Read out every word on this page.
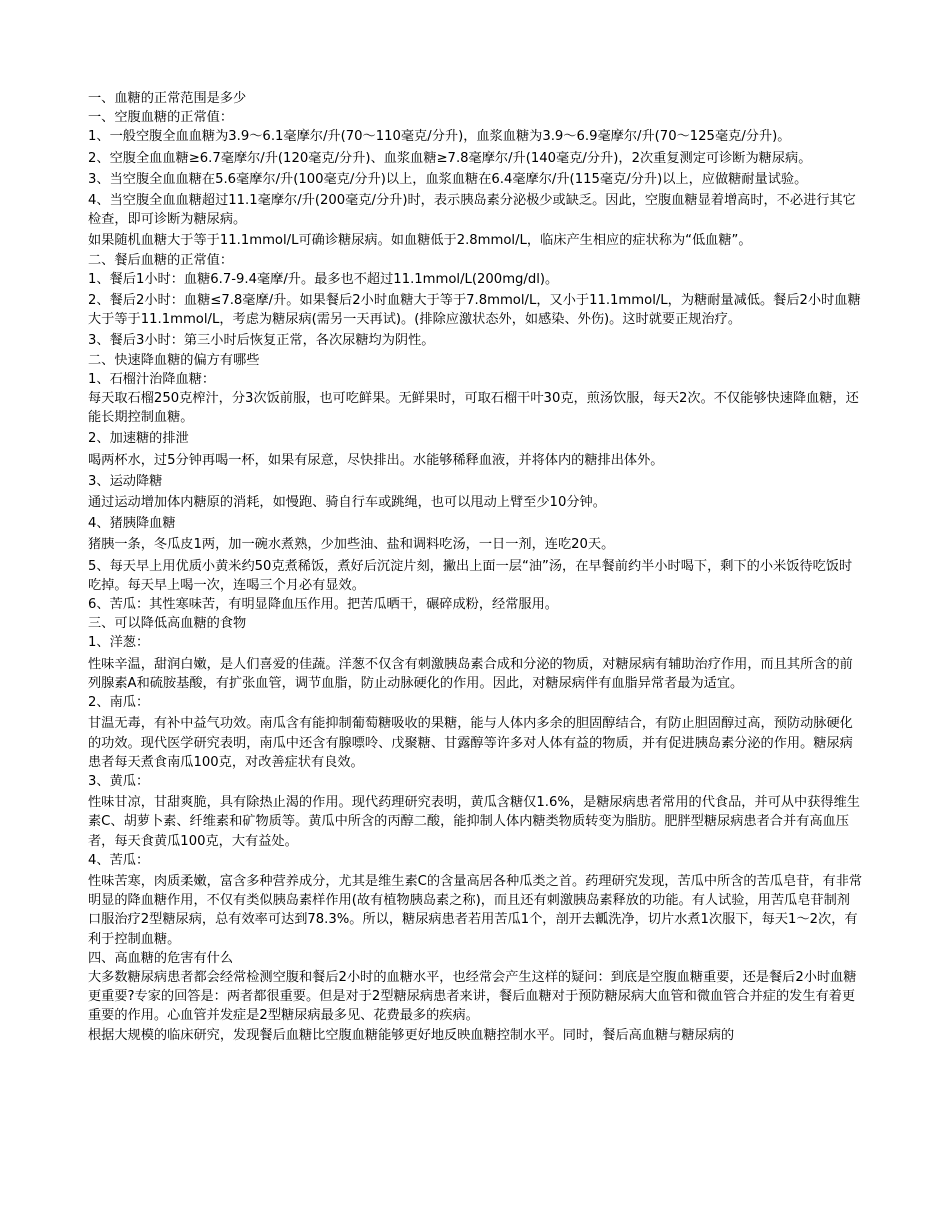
一、血糖的正常范围是多少

一、空腹血糖的正常值：

1、一般空腹全血血糖为3.9～6.1毫摩尔/升(70～110毫克/分升)，血浆血糖为3.9～6.9毫摩尔/升(70～125毫克/分升)。

2、空腹全血血糖≥6.7毫摩尔/升(120毫克/分升)、血浆血糖≥7.8毫摩尔/升(140毫克/分升)，2次重复测定可诊断为糖尿病。

3、当空腹全血血糖在5.6毫摩尔/升(100毫克/分升)以上，血浆血糖在6.4毫摩尔/升(115毫克/分升)以上，应做糖耐量试验。

4、当空腹全血血糖超过11.1毫摩尔/升(200毫克/分升)时，表示胰岛素分泌极少或缺乏。因此，空腹血糖显着增高时，不必进行其它检查，即可诊断为糖尿病。

如果随机血糖大于等于11.1mmol/L可确诊糖尿病。如血糖低于2.8mmol/L，临床产生相应的症状称为“低血糖”。

二、餐后血糖的正常值：

1、餐后1小时：血糖6.7-9.4毫摩/升。最多也不超过11.1mmol/L(200mg/dl)。

2、餐后2小时：血糖≤7.8毫摩/升。如果餐后2小时血糖大于等于7.8mmol/L，又小于11.1mmol/L，为糖耐量减低。餐后2小时血糖大于等于11.1mmol/L，考虑为糖尿病(需另一天再试)。(排除应激状态外，如感染、外伤)。这时就要正规治疗。

3、餐后3小时：第三小时后恢复正常，各次尿糖均为阴性。

二、快速降血糖的偏方有哪些

1、石榴汁治降血糖：

每天取石榴250克榨汁，分3次饭前服，也可吃鲜果。无鲜果时，可取石榴干叶30克，煎汤饮服，每天2次。不仅能够快速降血糖，还能长期控制血糖。

2、加速糖的排泄

喝两杯水，过5分钟再喝一杯，如果有尿意，尽快排出。水能够稀释血液，并将体内的糖排出体外。

3、运动降糖

通过运动增加体内糖原的消耗，如慢跑、骑自行车或跳绳，也可以甩动上臂至少10分钟。

4、猪胰降血糖

猪胰一条，冬瓜皮1两，加一碗水煮熟，少加些油、盐和调料吃汤，一日一剂，连吃20天。

5、每天早上用优质小黄米约50克煮稀饭，煮好后沉淀片刻，撇出上面一层“油”汤，在早餐前约半小时喝下，剩下的小米饭待吃饭时吃掉。每天早上喝一次，连喝三个月必有显效。

6、苦瓜：其性寒味苦，有明显降血压作用。把苦瓜晒干，碾碎成粉，经常服用。

三、可以降低高血糖的食物

1、洋葱：

性味辛温，甜润白嫩，是人们喜爱的佳蔬。洋葱不仅含有刺激胰岛素合成和分泌的物质，对糖尿病有辅助治疗作用，而且其所含的前列腺素A和硫胺基酸，有扩张血管，调节血脂，防止动脉硬化的作用。因此，对糖尿病伴有血脂异常者最为适宜。

2、南瓜：

甘温无毒，有补中益气功效。南瓜含有能抑制葡萄糖吸收的果糖，能与人体内多余的胆固醇结合，有防止胆固醇过高，预防动脉硬化的功效。现代医学研究表明，南瓜中还含有腺嘌呤、戊聚糖、甘露醇等许多对人体有益的物质，并有促进胰岛素分泌的作用。糖尿病患者每天煮食南瓜100克，对改善症状有良效。

3、黄瓜：

性味甘凉，甘甜爽脆，具有除热止渴的作用。现代药理研究表明，黄瓜含糖仅1.6%，是糖尿病患者常用的代食品，并可从中获得维生素C、胡萝卜素、纤维素和矿物质等。黄瓜中所含的丙醇二酸，能抑制人体内糖类物质转变为脂肪。肥胖型糖尿病患者合并有高血压者，每天食黄瓜100克，大有益处。

4、苦瓜：

性味苦寒，肉质柔嫩，富含多种营养成分，尤其是维生素C的含量高居各种瓜类之首。药理研究发现，苦瓜中所含的苦瓜皂苷，有非常明显的降血糖作用，不仅有类似胰岛素样作用(故有植物胰岛素之称)，而且还有刺激胰岛素释放的功能。有人试验，用苦瓜皂苷制剂口服治疗2型糖尿病，总有效率可达到78.3%。所以，糖尿病患者若用苦瓜1个，剖开去瓤洗净，切片水煮1次服下，每天1～2次，有利于控制血糖。

四、高血糖的危害有什么

大多数糖尿病患者都会经常检测空腹和餐后2小时的血糖水平，也经常会产生这样的疑问：到底是空腹血糖重要，还是餐后2小时血糖更重要?专家的回答是：两者都很重要。但是对于2型糖尿病患者来讲，餐后血糖对于预防糖尿病大血管和微血管合并症的发生有着更重要的作用。心血管并发症是2型糖尿病最多见、花费最多的疾病。

根据大规模的临床研究，发现餐后血糖比空腹血糖能够更好地反映血糖控制水平。同时，餐后高血糖与糖尿病的
